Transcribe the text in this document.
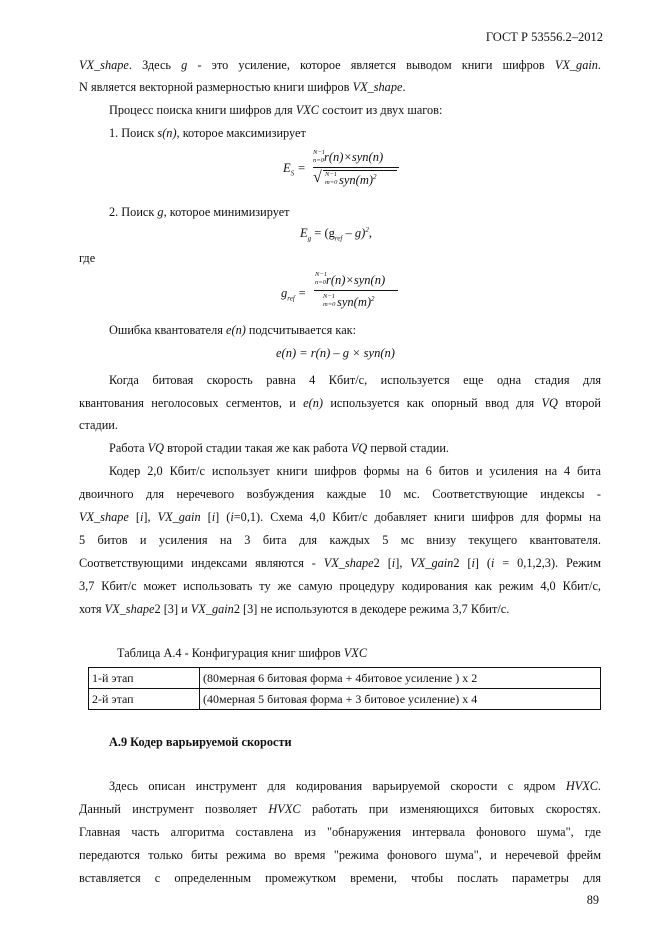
ГОСТ Р 53556.2–2012
VX_shape. Здесь g - это усиление, которое является выводом книги шифров VX_gain.
N является векторной размерностью книги шифров VX_shape.
Процесс поиска книги шифров для VXC состоит из двух шагов:
1. Поиск s(n), которое максимизирует
$E_S$ =
N−1
n=0 r(n)×syn(n)
√ N−1
m=0 $syn(m)^2$
2. Поиск g, которое минимизирует
$E_g = (g_{ref} - g)^2$,
где
$g_{ref}$ =
N−1
n=0 r(n)×syn(n)
N−1
m=0 $syn(m)^2$
Ошибка квантователя e(n) подсчитывается как:
e(n) = r(n) – g × syn(n)
Когда битовая скорость равна 4 Кбит/с, используется еще одна стадия для
квантования неголосовых сегментов, и e(n) используется как опорный ввод для VQ второй
стадии.
Работа VQ второй стадии такая же как работа VQ первой стадии.
Кодер 2,0 Кбит/с использует книги шифров формы на 6 битов и усиления на 4 бита
двоичного для неречевого возбуждения каждые 10 мс. Соответствующие индексы -
VX_shape [i], VX_gain [i] (i=0,1). Схема 4,0 Кбит/с добавляет книги шифров для формы на
5 битов и усиления на 3 бита для каждых 5 мс внизу текущего квантователя.
Соответствующими индексами являются - VX_shape2 [i], VX_gain2 [i] (i = 0,1,2,3). Режим
3,7 Кбит/с может использовать ту же самую процедуру кодирования как режим 4,0 Кбит/с,
хотя VX_shape2 [3] и VX_gain2 [3] не используются в декодере режима 3,7 Кбит/с.
Таблица А.4 - Конфигурация книг шифров VXC
1-й этап	(80мерная 6 битовая форма + 4битовое усиление ) x 2
2-й этап	(40мерная 5 битовая форма + 3 битовое усиление) x 4
А.9 Кодер варьируемой скорости
Здесь описан инструмент для кодирования варьируемой скорости с ядром HVXC.
Данный инструмент позволяет HVXC работать при изменяющихся битовых скоростях.
Главная часть алгоритма составлена из "обнаружения интервала фонового шума", где
передаются только биты режима во время "режима фонового шума", и неречевой фрейм
вставляется с определенным промежутком времени, чтобы послать параметры для
89
